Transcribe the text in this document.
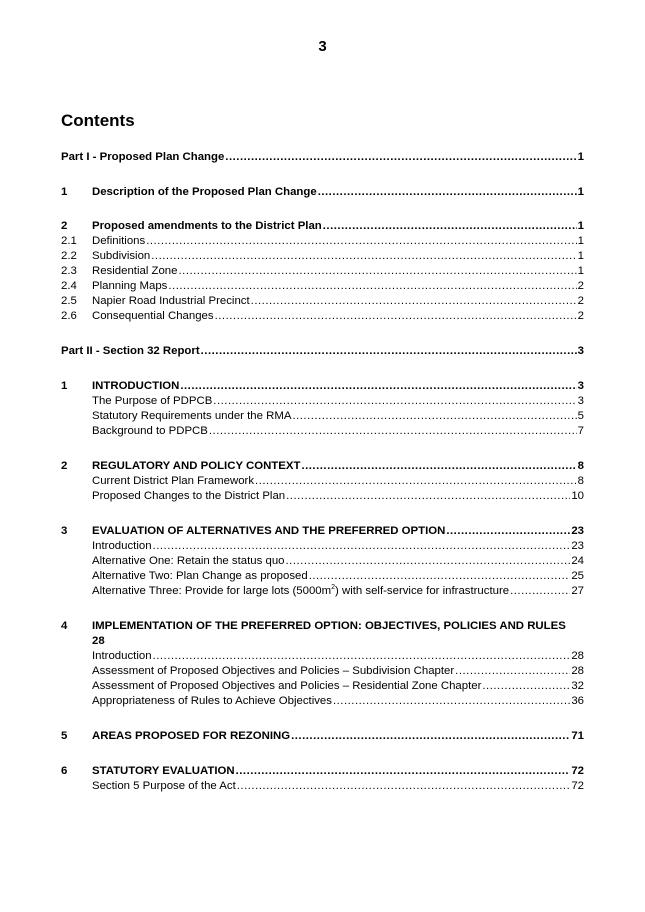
3
Contents
Part I - Proposed Plan Change .....	1
1	Description of the Proposed Plan Change .....	1
2	Proposed amendments to the District Plan .....	1
2.1	Definitions .....	1
2.2	Subdivision .....	1
2.3	Residential Zone .....	1
2.4	Planning Maps .....	2
2.5	Napier Road Industrial Precinct .....	2
2.6	Consequential Changes .....	2
Part II - Section 32 Report .....	3
1	INTRODUCTION .....	3
The Purpose of PDPCB .....	3
Statutory Requirements under the RMA .....	5
Background to PDPCB .....	7
2	REGULATORY AND POLICY CONTEXT .....	8
Current District Plan Framework .....	8
Proposed Changes to the District Plan .....	10
3	EVALUATION OF ALTERNATIVES AND THE PREFERRED OPTION .....	23
Introduction .....	23
Alternative One: Retain the status quo .....	24
Alternative Two: Plan Change as proposed .....	25
Alternative Three: Provide for large lots $(5000m^2)$ with self-service for infrastructure .....	27
4	IMPLEMENTATION OF THE PREFERRED OPTION: OBJECTIVES, POLICIES AND RULES
28
Introduction .....	28
Assessment of Proposed Objectives and Policies – Subdivision Chapter .....	28
Assessment of Proposed Objectives and Policies – Residential Zone Chapter .....	32
Appropriateness of Rules to Achieve Objectives .....	36
5	AREAS PROPOSED FOR REZONING .....	71
6	STATUTORY EVALUATION .....	72
Section 5 Purpose of the Act .....	72
